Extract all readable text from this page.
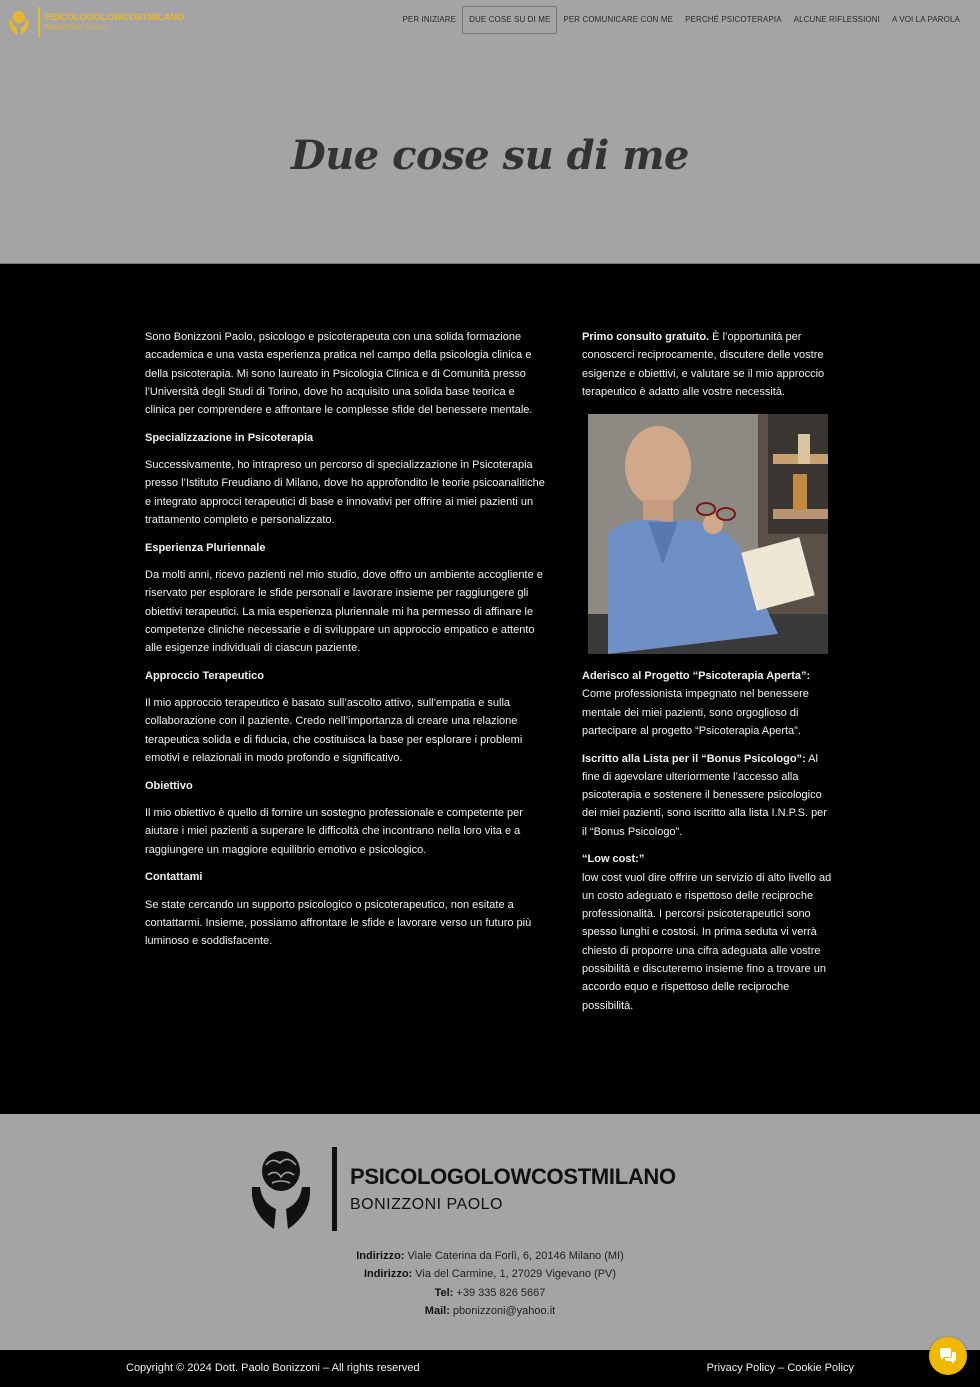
PSICOLOGOLOWCOSTMILANO
BONIZZONI PAOLO
PER INIZIARE	DUE COSE SU DI ME	PER COMUNICARE CON ME	PERCHÉ PSICOTERAPIA	ALCUNE RIFLESSIONI	A VOI LA PAROLA
Due cose su di me

Sono Bonizzoni Paolo, psicologo e psicoterapeuta con una solida formazione accademica e una vasta esperienza pratica nel campo della psicologia clinica e della psicoterapia. Mi sono laureato in Psicologia Clinica e di Comunità presso l’Università degli Studi di Torino, dove ho acquisito una solida base teorica e clinica per comprendere e affrontare le complesse sfide del benessere mentale.

Specializzazione in Psicoterapia

Successivamente, ho intrapreso un percorso di specializzazione in Psicoterapia presso l’Istituto Freudiano di Milano, dove ho approfondito le teorie psicoanalitiche e integrato approcci terapeutici di base e innovativi per offrire ai miei pazienti un trattamento completo e personalizzato.

Esperienza Pluriennale

Da molti anni, ricevo pazienti nel mio studio, dove offro un ambiente accogliente e riservato per esplorare le sfide personali e lavorare insieme per raggiungere gli obiettivi terapeutici. La mia esperienza pluriennale mi ha permesso di affinare le competenze cliniche necessarie e di sviluppare un approccio empatico e attento alle esigenze individuali di ciascun paziente.

Approccio Terapeutico

Il mio approccio terapeutico è basato sull’ascolto attivo, sull’empatia e sulla collaborazione con il paziente. Credo nell’importanza di creare una relazione terapeutica solida e di fiducia, che costituisca la base per esplorare i problemi emotivi e relazionali in modo profondo e significativo.

Obiettivo

Il mio obiettivo è quello di fornire un sostegno professionale e competente per aiutare i miei pazienti a superare le difficoltà che incontrano nella loro vita e a raggiungere un maggiore equilibrio emotivo e psicologico.

Contattami

Se state cercando un supporto psicologico o psicoterapeutico, non esitate a contattarmi. Insieme, possiamo affrontare le sfide e lavorare verso un futuro più luminoso e soddisfacente.

Primo consulto gratuito. È l’opportunità per conoscerci reciprocamente, discutere delle vostre esigenze e obiettivi, e valutare se il mio approccio terapeutico è adatto alle vostre necessità.

Aderisco al Progetto “Psicoterapia Aperta”:
Come professionista impegnato nel benessere mentale dei miei pazienti, sono orgoglioso di partecipare al progetto “Psicoterapia Aperta”.

Iscritto alla Lista per il “Bonus Psicologo”: Al fine di agevolare ulteriormente l’accesso alla psicoterapia e sostenere il benessere psicologico dei miei pazienti, sono iscritto alla lista I.N.P.S. per il “Bonus Psicologo”.

“Low cost:”
low cost vuol dire offrire un servizio di alto livello ad un costo adeguato e rispettoso delle reciproche professionalità. I percorsi psicoterapeutici sono spesso lunghi e costosi. In prima seduta vi verrà chiesto di proporre una cifra adeguata alle vostre possibilità e discuteremo insieme fino a trovare un accordo equo e rispettoso delle reciproche possibilità.

PSICOLOGOLOWCOSTMILANO
BONIZZONI PAOLO
Indirizzo: Viale Caterina da Forlì, 6, 20146 Milano (MI)
Indirizzo: Via del Carmine, 1, 27029 Vigevano (PV)
Tel: +39 335 826 5667
Mail: pbonizzoni@yahoo.it
Copyright © 2024 Dott. Paolo Bonizzoni – All rights reserved	Privacy Policy – Cookie Policy
